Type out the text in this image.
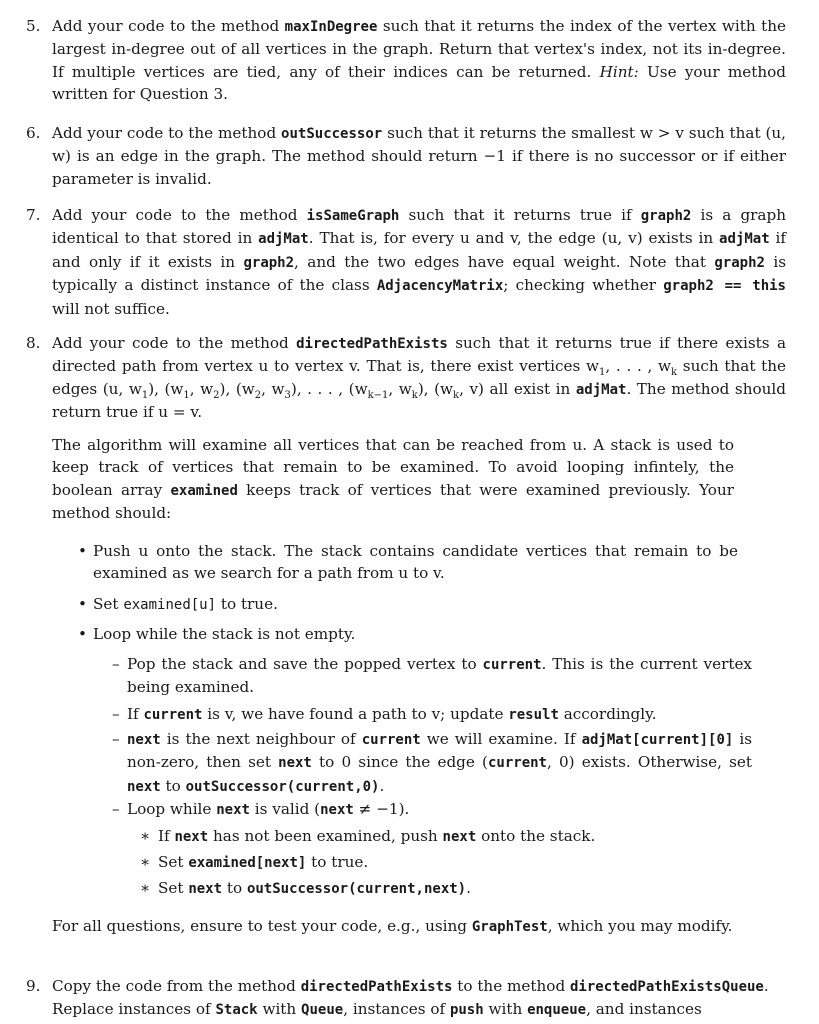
5. Add your code to the method maxInDegree such that it returns the index of the vertex with the largest in-degree out of all vertices in the graph. Return that vertex's index, not its in-degree. If multiple vertices are tied, any of their indices can be returned. Hint: Use your method written for Question 3.
6. Add your code to the method outSuccessor such that it returns the smallest w > v such that (u, w) is an edge in the graph. The method should return −1 if there is no successor or if either parameter is invalid.
7. Add your code to the method isSameGraph such that it returns true if graph2 is a graph identical to that stored in adjMat. That is, for every u and v, the edge (u, v) exists in adjMat if and only if it exists in graph2, and the two edges have equal weight. Note that graph2 is typically a distinct instance of the class AdjacencyMatrix; checking whether graph2 == this will not suffice.
8. Add your code to the method directedPathExists such that it returns true if there exists a directed path from vertex u to vertex v. That is, there exist vertices $w_1$, . . . , $w_k$ such that the edges (u, $w_1$), ($w_1$, $w_2$), ($w_2$, $w_3$), . . . , ($w_{k-1}$, $w_k$), ($w_k$, v) all exist in adjMat. The method should return true if u = v.
The algorithm will examine all vertices that can be reached from u. A stack is used to keep track of vertices that remain to be examined. To avoid looping infintely, the boolean array examined keeps track of vertices that were examined previously. Your method should:
• Push u onto the stack. The stack contains candidate vertices that remain to be examined as we search for a path from u to v.
• Set examined[u] to true.
• Loop while the stack is not empty.
– Pop the stack and save the popped vertex to current. This is the current vertex being examined.
– If current is v, we have found a path to v; update result accordingly.
– next is the next neighbour of current we will examine. If adjMat[current][0] is non-zero, then set next to 0 since the edge (current, 0) exists. Otherwise, set next to outSuccessor(current,0).
– Loop while next is valid (next ≠ −1).
∗ If next has not been examined, push next onto the stack.
∗ Set examined[next] to true.
∗ Set next to outSuccessor(current,next).
For all questions, ensure to test your code, e.g., using GraphTest, which you may modify.
9. Copy the code from the method directedPathExists to the method directedPathExistsQueue. Replace instances of Stack with Queue, instances of push with enqueue, and instances
